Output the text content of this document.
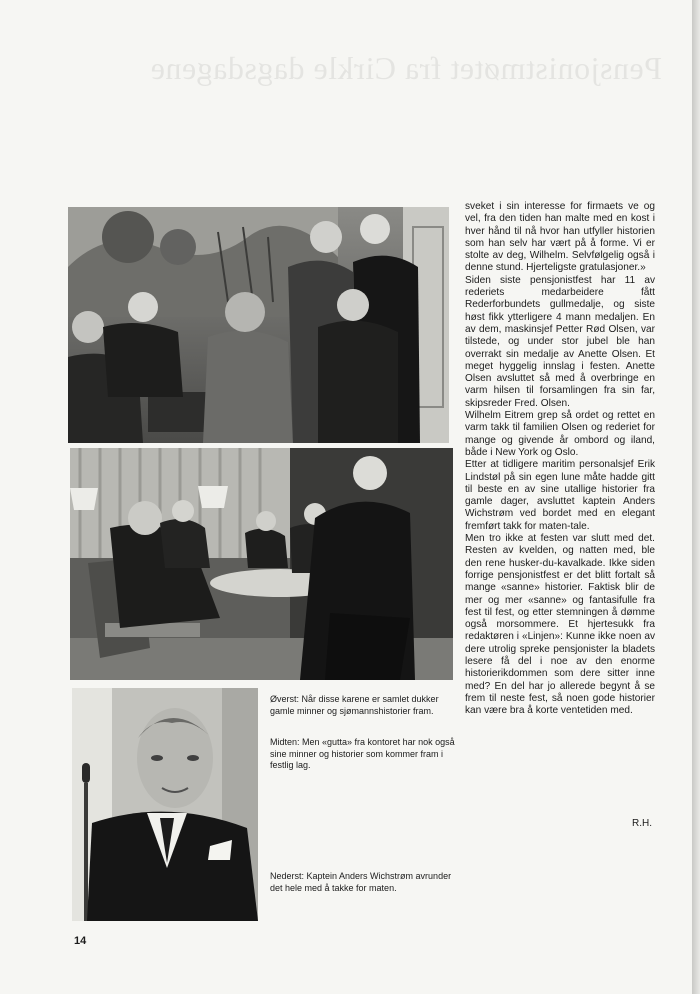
Pensjonistmøtet fra Cirkle dagsdagene

sveket i sin interesse for firmaets ve og vel, fra den tiden han malte med en kost i hver hånd til nå hvor han utfyller historien som han selv har vært på å forme. Vi er stolte av deg, Wilhelm. Selvfølgelig også i denne stund. Hjerteligste gratulasjoner.»

Siden siste pensjonistfest har 11 av rederiets medarbeidere fått Rederforbundets gullmedalje, og siste høst fikk ytterligere 4 mann medaljen. En av dem, maskinsjef Petter Rød Olsen, var tilstede, og under stor jubel ble han overrakt sin medalje av Anette Olsen. Et meget hyggelig innslag i festen. Anette Olsen avsluttet så med å overbringe en varm hilsen til forsamlingen fra sin far, skipsreder Fred. Olsen.

Wilhelm Eitrem grep så ordet og rettet en varm takk til familien Olsen og rederiet for mange og givende år ombord og iland, både i New York og Oslo.

Etter at tidligere maritim personalsjef Erik Lindstøl på sin egen lune måte hadde gitt til beste en av sine utallige historier fra gamle dager, avsluttet kaptein Anders Wichstrøm ved bordet med en elegant fremført takk for maten-tale.

Men tro ikke at festen var slutt med det. Resten av kvelden, og natten med, ble den rene husker-du-kavalkade. Ikke siden forrige pensjonistfest er det blitt fortalt så mange «sanne» historier. Faktisk blir de mer og mer «sanne» og fantasifulle fra fest til fest, og etter stemningen å dømme også morsommere. Et hjertesukk fra redaktøren i «Linjen»: Kunne ikke noen av dere utrolig spreke pensjonister la bladets lesere få del i noe av den enorme historierikdommen som dere sitter inne med? En del har jo allerede begynt å se frem til neste fest, så noen gode historier kan være bra å korte ventetiden med.

R.H.
Øverst: Når disse karene er samlet dukker gamle minner og sjømannshistorier fram.
Midten: Men «gutta» fra kontoret har nok også sine minner og historier som kommer fram i festlig lag.
Nederst: Kaptein Anders Wichstrøm avrunder det hele med å takke for maten.
14
